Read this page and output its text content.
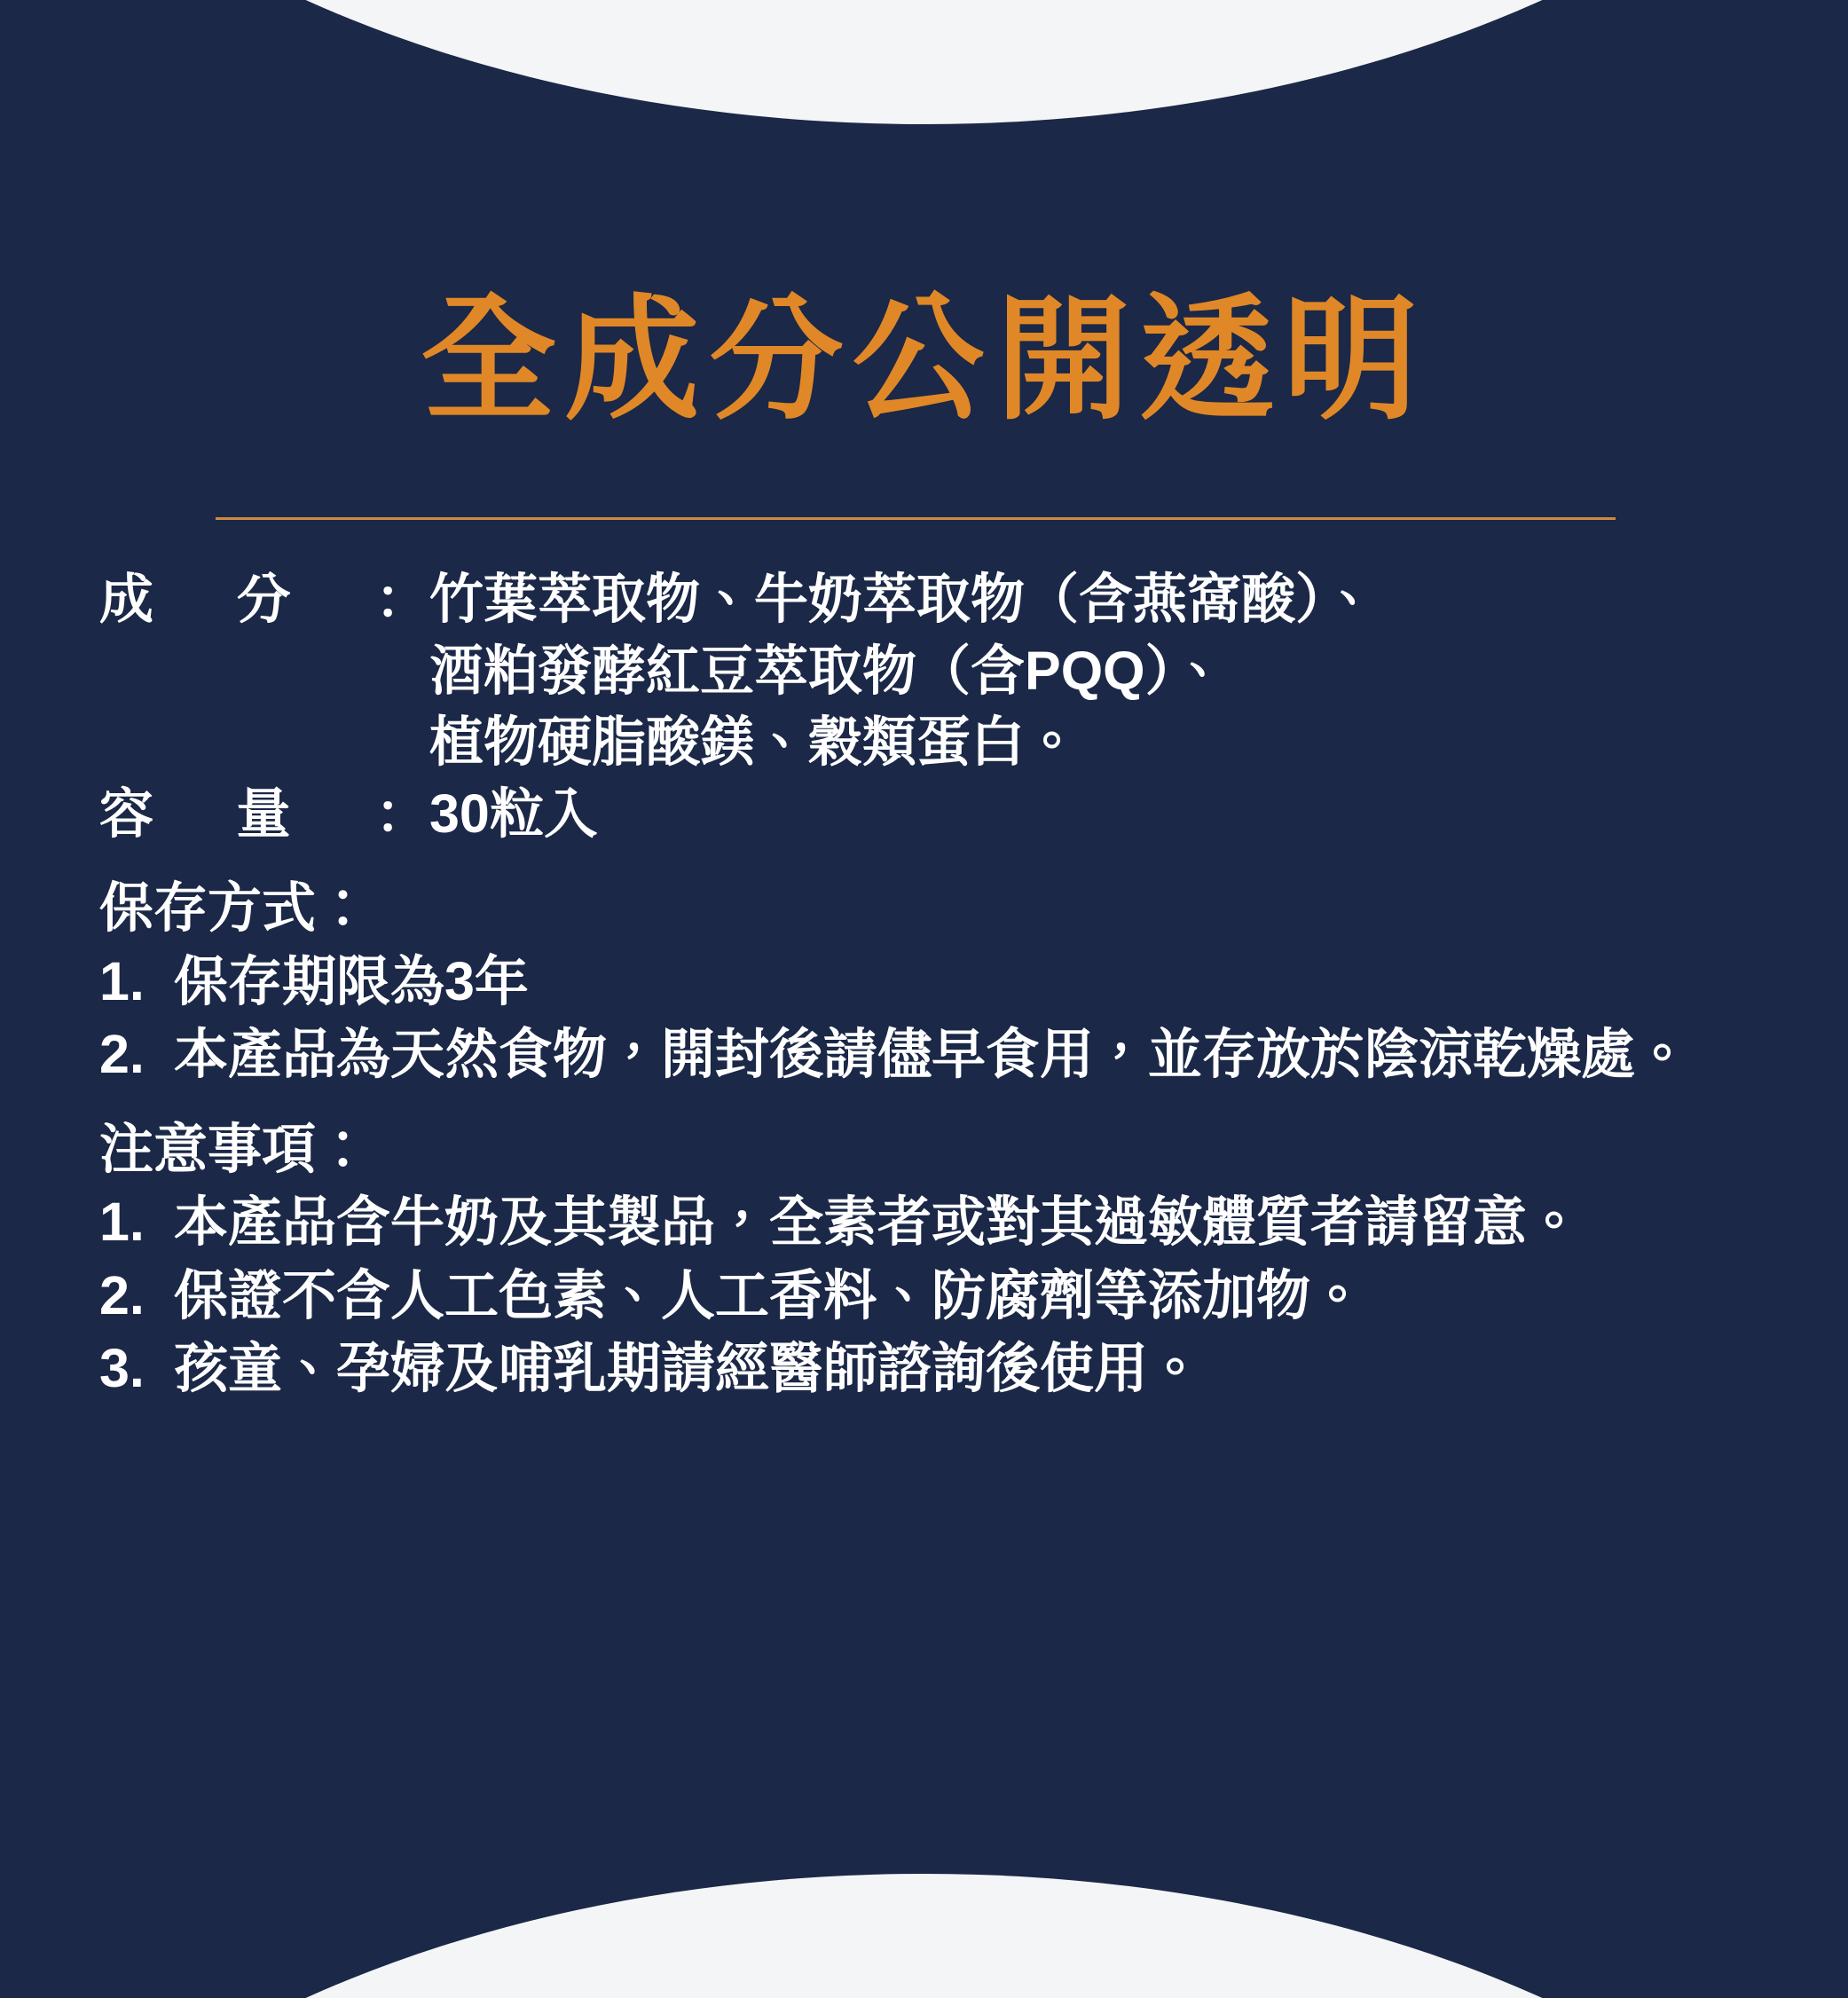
全成分公開透明
成 分 ： 竹葉萃取物、牛奶萃取物（含燕窩酸）、
酒粕發酵紅豆萃取物（含PQQ）、
植物硬脂酸鎂、穀類蛋白。
容 量 ： 30粒入
保存方式：
1. 保存期限為3年
2. 本產品為天然食物，開封後請儘早食用，並存放於陰涼乾燥處。
注意事項：
1. 本產品含牛奶及其製品，全素者或對其過敏體質者請留意。
2. 保證不含人工色素、人工香料、防腐劑等添加物。
3. 孩童、孕婦及哺乳期請經醫師諮詢後使用。
